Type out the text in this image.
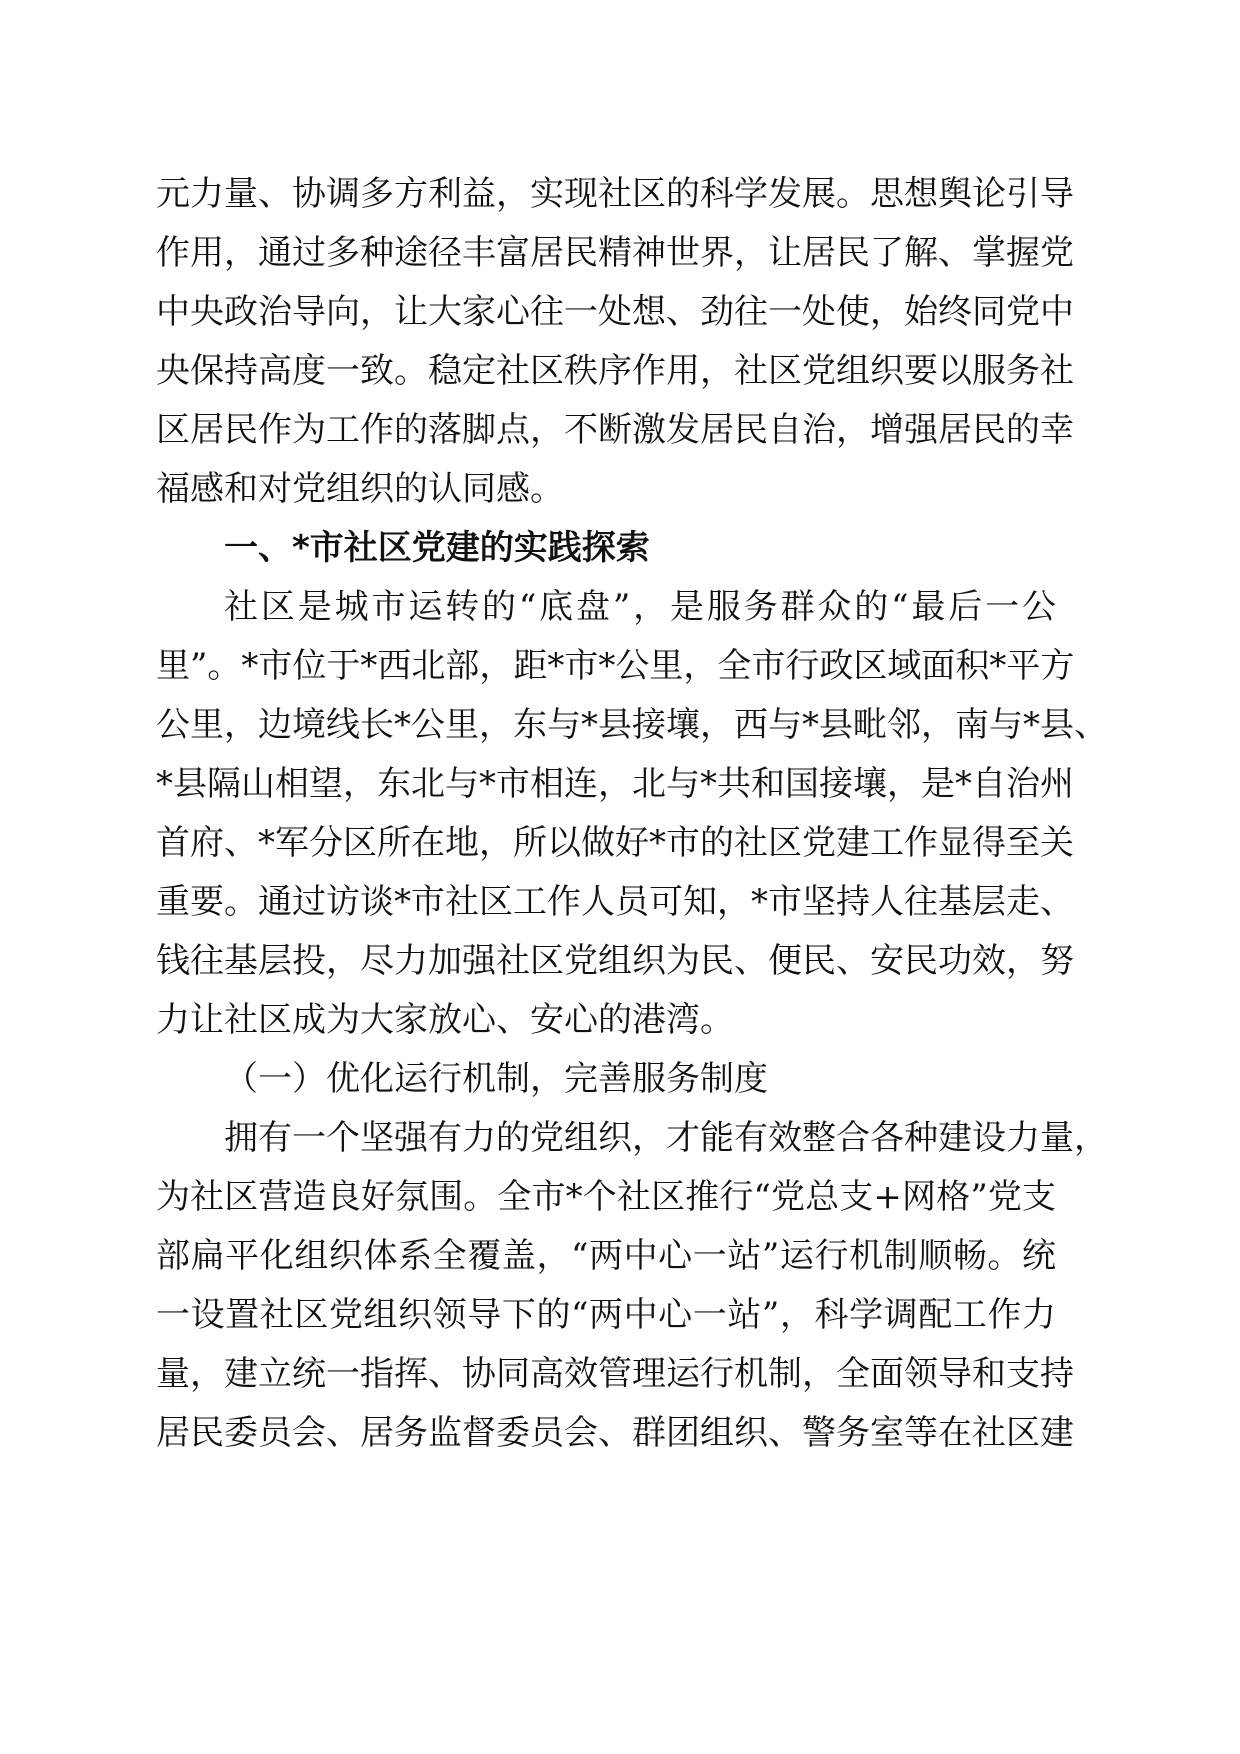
元力量、协调多方利益，实现社区的科学发展。思想舆论引导
作用，通过多种途径丰富居民精神世界，让居民了解、掌握党
中央政治导向，让大家心往一处想、劲往一处使，始终同党中
央保持高度一致。稳定社区秩序作用，社区党组织要以服务社
区居民作为工作的落脚点，不断激发居民自治，增强居民的幸
福感和对党组织的认同感。
一、*市社区党建的实践探索
社区是城市运转的“底盘”，是服务群众的“最后一公
里”。*市位于*西北部，距*市*公里，全市行政区域面积*平方
公里，边境线长*公里，东与*县接壤，西与*县毗邻，南与*县、
*县隔山相望，东北与*市相连，北与*共和国接壤，是*自治州
首府、*军分区所在地，所以做好*市的社区党建工作显得至关
重要。通过访谈*市社区工作人员可知，*市坚持人往基层走、
钱往基层投，尽力加强社区党组织为民、便民、安民功效，努
力让社区成为大家放心、安心的港湾。
（一）优化运行机制，完善服务制度
拥有一个坚强有力的党组织，才能有效整合各种建设力量，
为社区营造良好氛围。全市*个社区推行“党总支+网格”党支
部扁平化组织体系全覆盖，“两中心一站”运行机制顺畅。统
一设置社区党组织领导下的“两中心一站”，科学调配工作力
量，建立统一指挥、协同高效管理运行机制，全面领导和支持
居民委员会、居务监督委员会、群团组织、警务室等在社区建
